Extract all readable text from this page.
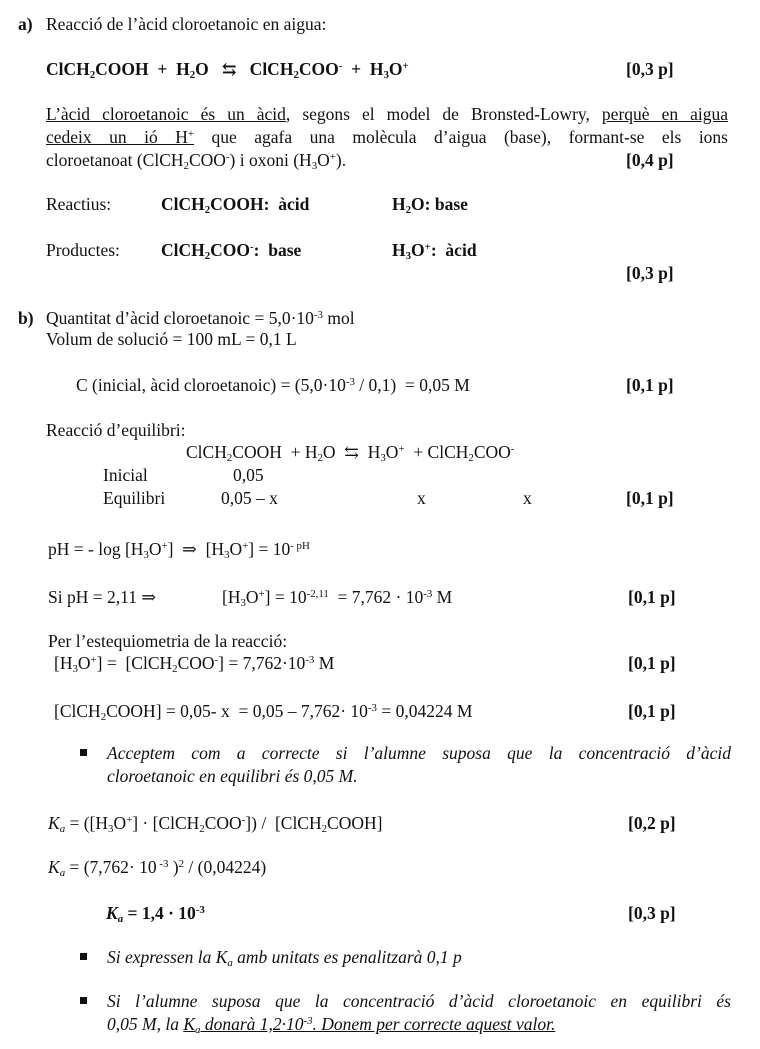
a) Reacció de l’àcid cloroetanoic en aigua:
ClCH$_2$COOH  +  $H_2O$   ⇆   ClCH$_2$COO-  +  $H_3O^+$	[0,3 p]
L’àcid cloroetanoic és un àcid, segons el model de Bronsted-Lowry, perquè en aigua
cedeix un ió H+ que agafa una molècula d’aigua (base), formant-se els ions
cloroetanoat (ClCH$_2$COO-) i oxoni $(H_3O^+)$.	[0,4 p]
Reactius:	ClCH$_2$COOH:  àcid	$H_2O$: base
Productes: ClCH$_2$COO-:  base	$H_3O^+$:  àcid
[0,3 p]
b) Quantitat d’àcid cloroetanoic = $5,0\cdot 10^{-3}$ mol
Volum de solució = 100 mL = 0,1 L
C (inicial, àcid cloroetanoic) = $(5,0\cdot 10^{-3} / 0,1) = 0,05$ M	[0,1 p]
Reacció d’equilibri:
ClCH$_2$COOH  + $H_2O$  ⇆  $H_3O^+$  + ClCH$_2$COO-
Inicial	0,05
Equilibri	0,05 – x	x	x	[0,1 p]
pH = - $\log [H_3O^+]$  ⇒  $[H_3O^+] = 10^{- pH}$
Si pH = 2,11 ⇒	$[H_3O^+] = 10^{-2,11} = 7,762 \cdot 10^{-3}$ M	[0,1 p]
Per l’estequiometria de la reacció:
$[H_3O^+]$ =  [ClCH$_2$COO-] = $7,762\cdot 10^{-3}$ M	[0,1 p]
[ClCH$_2$COOH] = 0,05- $x = 0,05 - 7,762\cdot 10^{-3} = 0,04224$ M	[0,1 p]
Acceptem com a correcte si l’alumne suposa que la concentració d’àcid
cloroetanoic en equilibri és 0,05 M.
$K_a = ([H_3O^+]$ · [ClCH$_2$COO-]) /  [ClCH$_2$COOH]	[0,2 p]
$K_a = (7,762\cdot 10$ $^{-3}$ )$^2$ / (0,04224)
$K_a = 1,4 \cdot 10^{-3}$	[0,3 p]
Si expressen la $K_a$ amb unitats es penalitzarà 0,1 p
Si l’alumne suposa que la concentració d’àcid cloroetanoic en equilibri és
0,05 M, la $K_a$ donarà $1,2\cdot 10^{-3}$. Donem per correcte aquest valor.
